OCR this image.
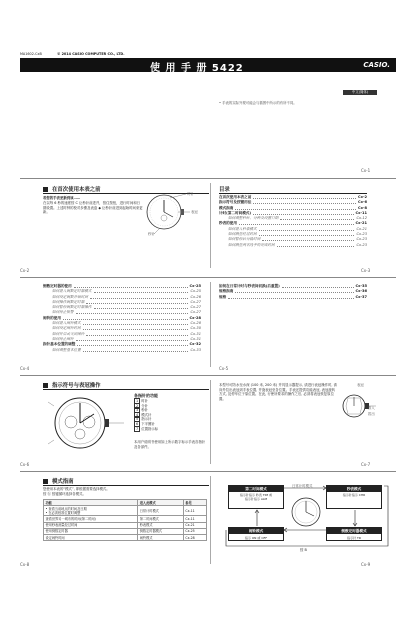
MA1602-CxB	© 2014 CASIO COMPUTER CO., LTD.
使 用 手 册 5422	CASIO.
中文(简体)
• 手表的实际外观可能会与插图中所示的有所不同。
Cx-1
在首次使用本表之前
若您的手表更新到该……
在以每 6 秒的速度按 C 让秒针前进并，按住按钮，进行时间和日期设置。上述时钟的校对步骤及表盘 ◆ 让秒针前进到起始时间来更新。
时针
表冠
秒针
Cx-2
目录
在首次使用本表之前	Cx-2
指示符号及按键用法	Cx-6
模式指南	Cx-8
计时(第二时间模式)	Cx-11
如何调整秒针、分钟及设置日期	Cx-12
秒表的使用	Cx-21
如何进入秒表模式	Cx-21
如何测量经过时间	Cx-23
如何暂停后分段时间	Cx-23
如何测量两名选手的完成时间	Cx-23
Cx-3
倒数定时器的使用	Cx-25
如何进入倒数定时器模式	Cx-25
如何设定倒数开始时间	Cx-26
如何操作倒数定时器	Cx-27
如何暂停倒数定时器操作	Cx-27
如何停止报警	Cx-27
闹铃的使用	Cx-28
如何进入闹铃模式	Cx-28
如何设定闹铃时间	Cx-30
如何开启或关闭闹铃	Cx-31
如何停止闹铃	Cx-31
指针基本位置的调整	Cx-32
如何调整基本位置	Cx-33
Cx-4
如何在日常计时与秒表间切换(后重置)	Cx-35
规格指南	Cx-36
规格	Cx-37
Cx-5
指示符号与表冠操作
各指针的功能
1 时针
2 分针
3 秒针
4 模式针
5 指示针
6 下半圈针
7 位置指示标
本用户说明书使用如上所示数字标示手表各指针及各部件。
Cx-6
本型号可防水至水深 (100 米, 200 米) 并具显示器提示, 请进行表冠操作时, 请向外拉出表冠到手表位置, 并旋表冠至各位置。手表还提供功能表冠, 表冠旋转方式, 及停车位于原位置。在此, 行使所要求的操作之后, 必须将表冠恢复原位置。
表冠
推入
拔出
Cx-7
模式指南
您使用本表的“模式”, 即根据需要选择模式。
按 ⓑ 按键循环选择各模式。
功能	进入此模式	参见
• 查看当前地点的时间及日期
• 在必须校准位置时调整	日常计时模式	Cx-11
查看世界另一城市的时间(第二时间)	第二时间模式	Cx-11
使用秒表测量经过时间	秒表模式	Cx-21
使用倒数定时器	倒数定时器模式	Cx-25
设定闹铃时间	闹铃模式	Cx-28
Cx-8
第二时间模式	秒表模式
指示针指示 秒表 TIM 或
指示针指示 ALM
指示针指示 CHR
日常计时模式
闹铃模式	倒数定时器模式
指示 ON 或 OFF	指示针 TR
按 B
Cx-9
